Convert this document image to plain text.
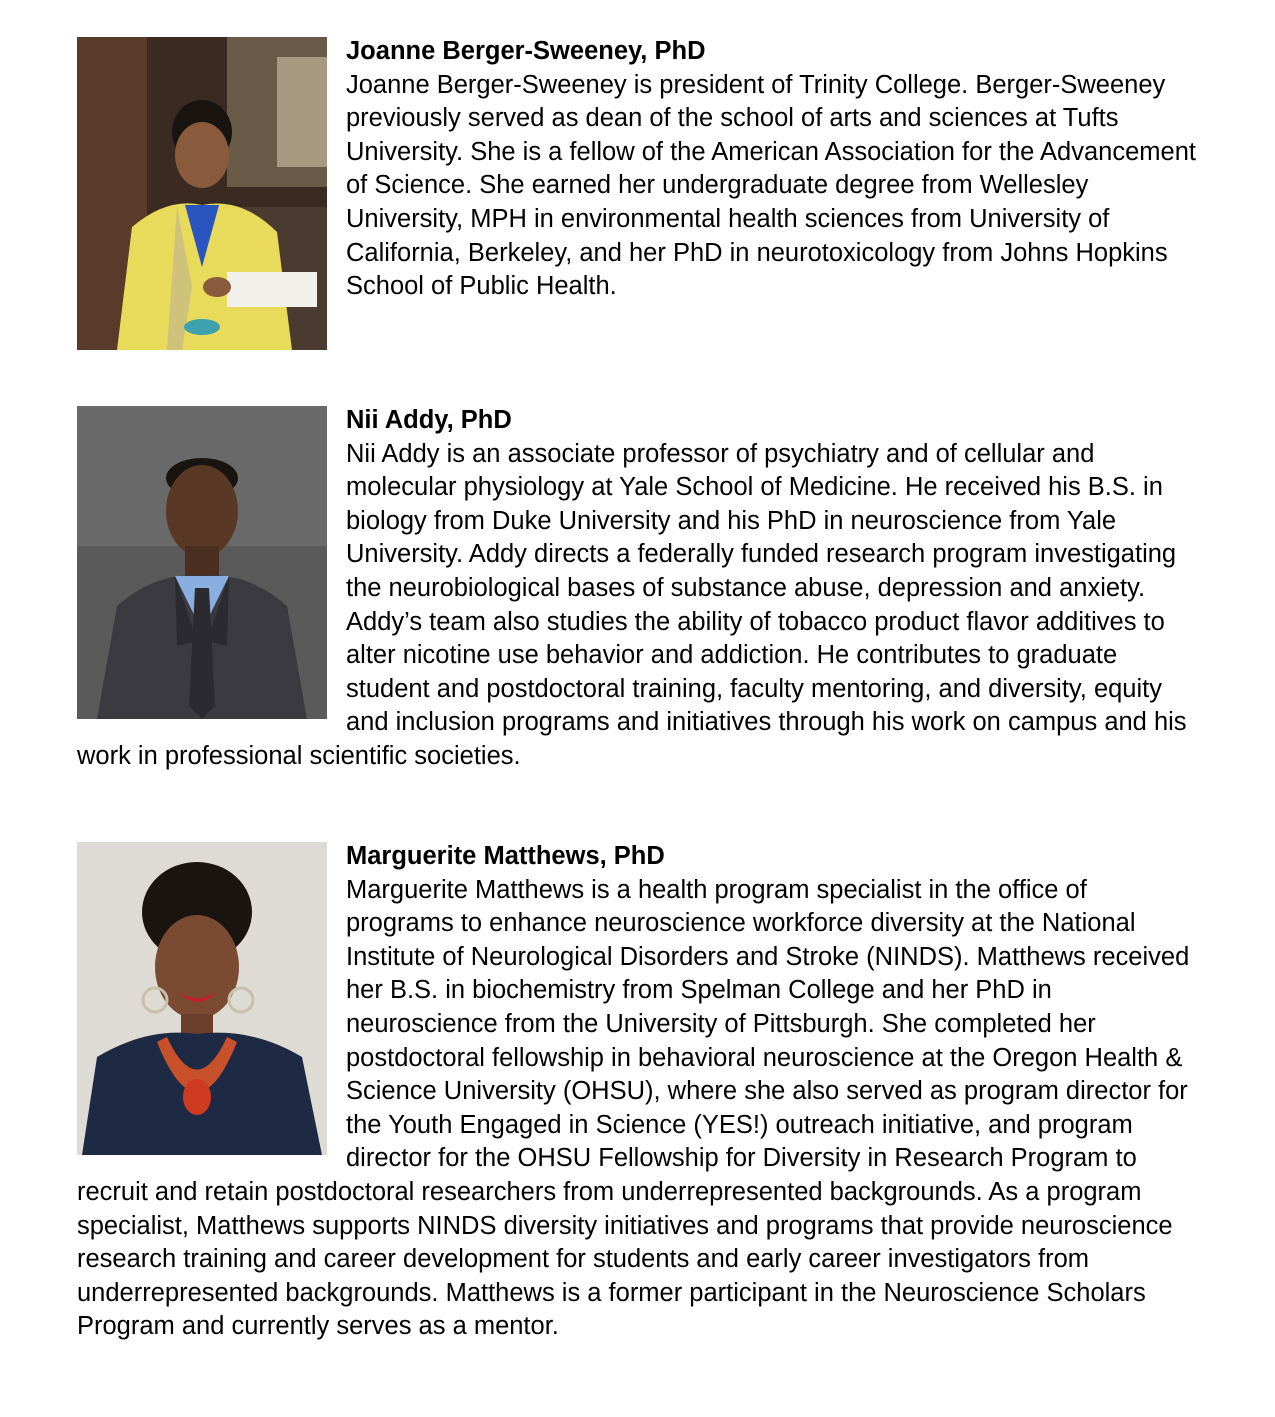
Joanne Berger-Sweeney, PhD
Joanne Berger-Sweeney is president of Trinity College. Berger-Sweeney previously served as dean of the school of arts and sciences at Tufts University. She is a fellow of the American Association for the Advancement of Science. She earned her undergraduate degree from Wellesley University, MPH in environmental health sciences from University of California, Berkeley, and her PhD in neurotoxicology from Johns Hopkins School of Public Health.
Nii Addy, PhD
Nii Addy is an associate professor of psychiatry and of cellular and molecular physiology at Yale School of Medicine. He received his B.S. in biology from Duke University and his PhD in neuroscience from Yale University. Addy directs a federally funded research program investigating the neurobiological bases of substance abuse, depression and anxiety. Addy’s team also studies the ability of tobacco product flavor additives to alter nicotine use behavior and addiction. He contributes to graduate student and postdoctoral training, faculty mentoring, and diversity, equity and inclusion programs and initiatives through his work on campus and his work in professional scientific societies.
Marguerite Matthews, PhD
Marguerite Matthews is a health program specialist in the office of programs to enhance neuroscience workforce diversity at the National Institute of Neurological Disorders and Stroke (NINDS). Matthews received her B.S. in biochemistry from Spelman College and her PhD in neuroscience from the University of Pittsburgh. She completed her postdoctoral fellowship in behavioral neuroscience at the Oregon Health & Science University (OHSU), where she also served as program director for the Youth Engaged in Science (YES!) outreach initiative, and program director for the OHSU Fellowship for Diversity in Research Program to recruit and retain postdoctoral researchers from underrepresented backgrounds. As a program specialist, Matthews supports NINDS diversity initiatives and programs that provide neuroscience research training and career development for students and early career investigators from underrepresented backgrounds. Matthews is a former participant in the Neuroscience Scholars Program and currently serves as a mentor.
